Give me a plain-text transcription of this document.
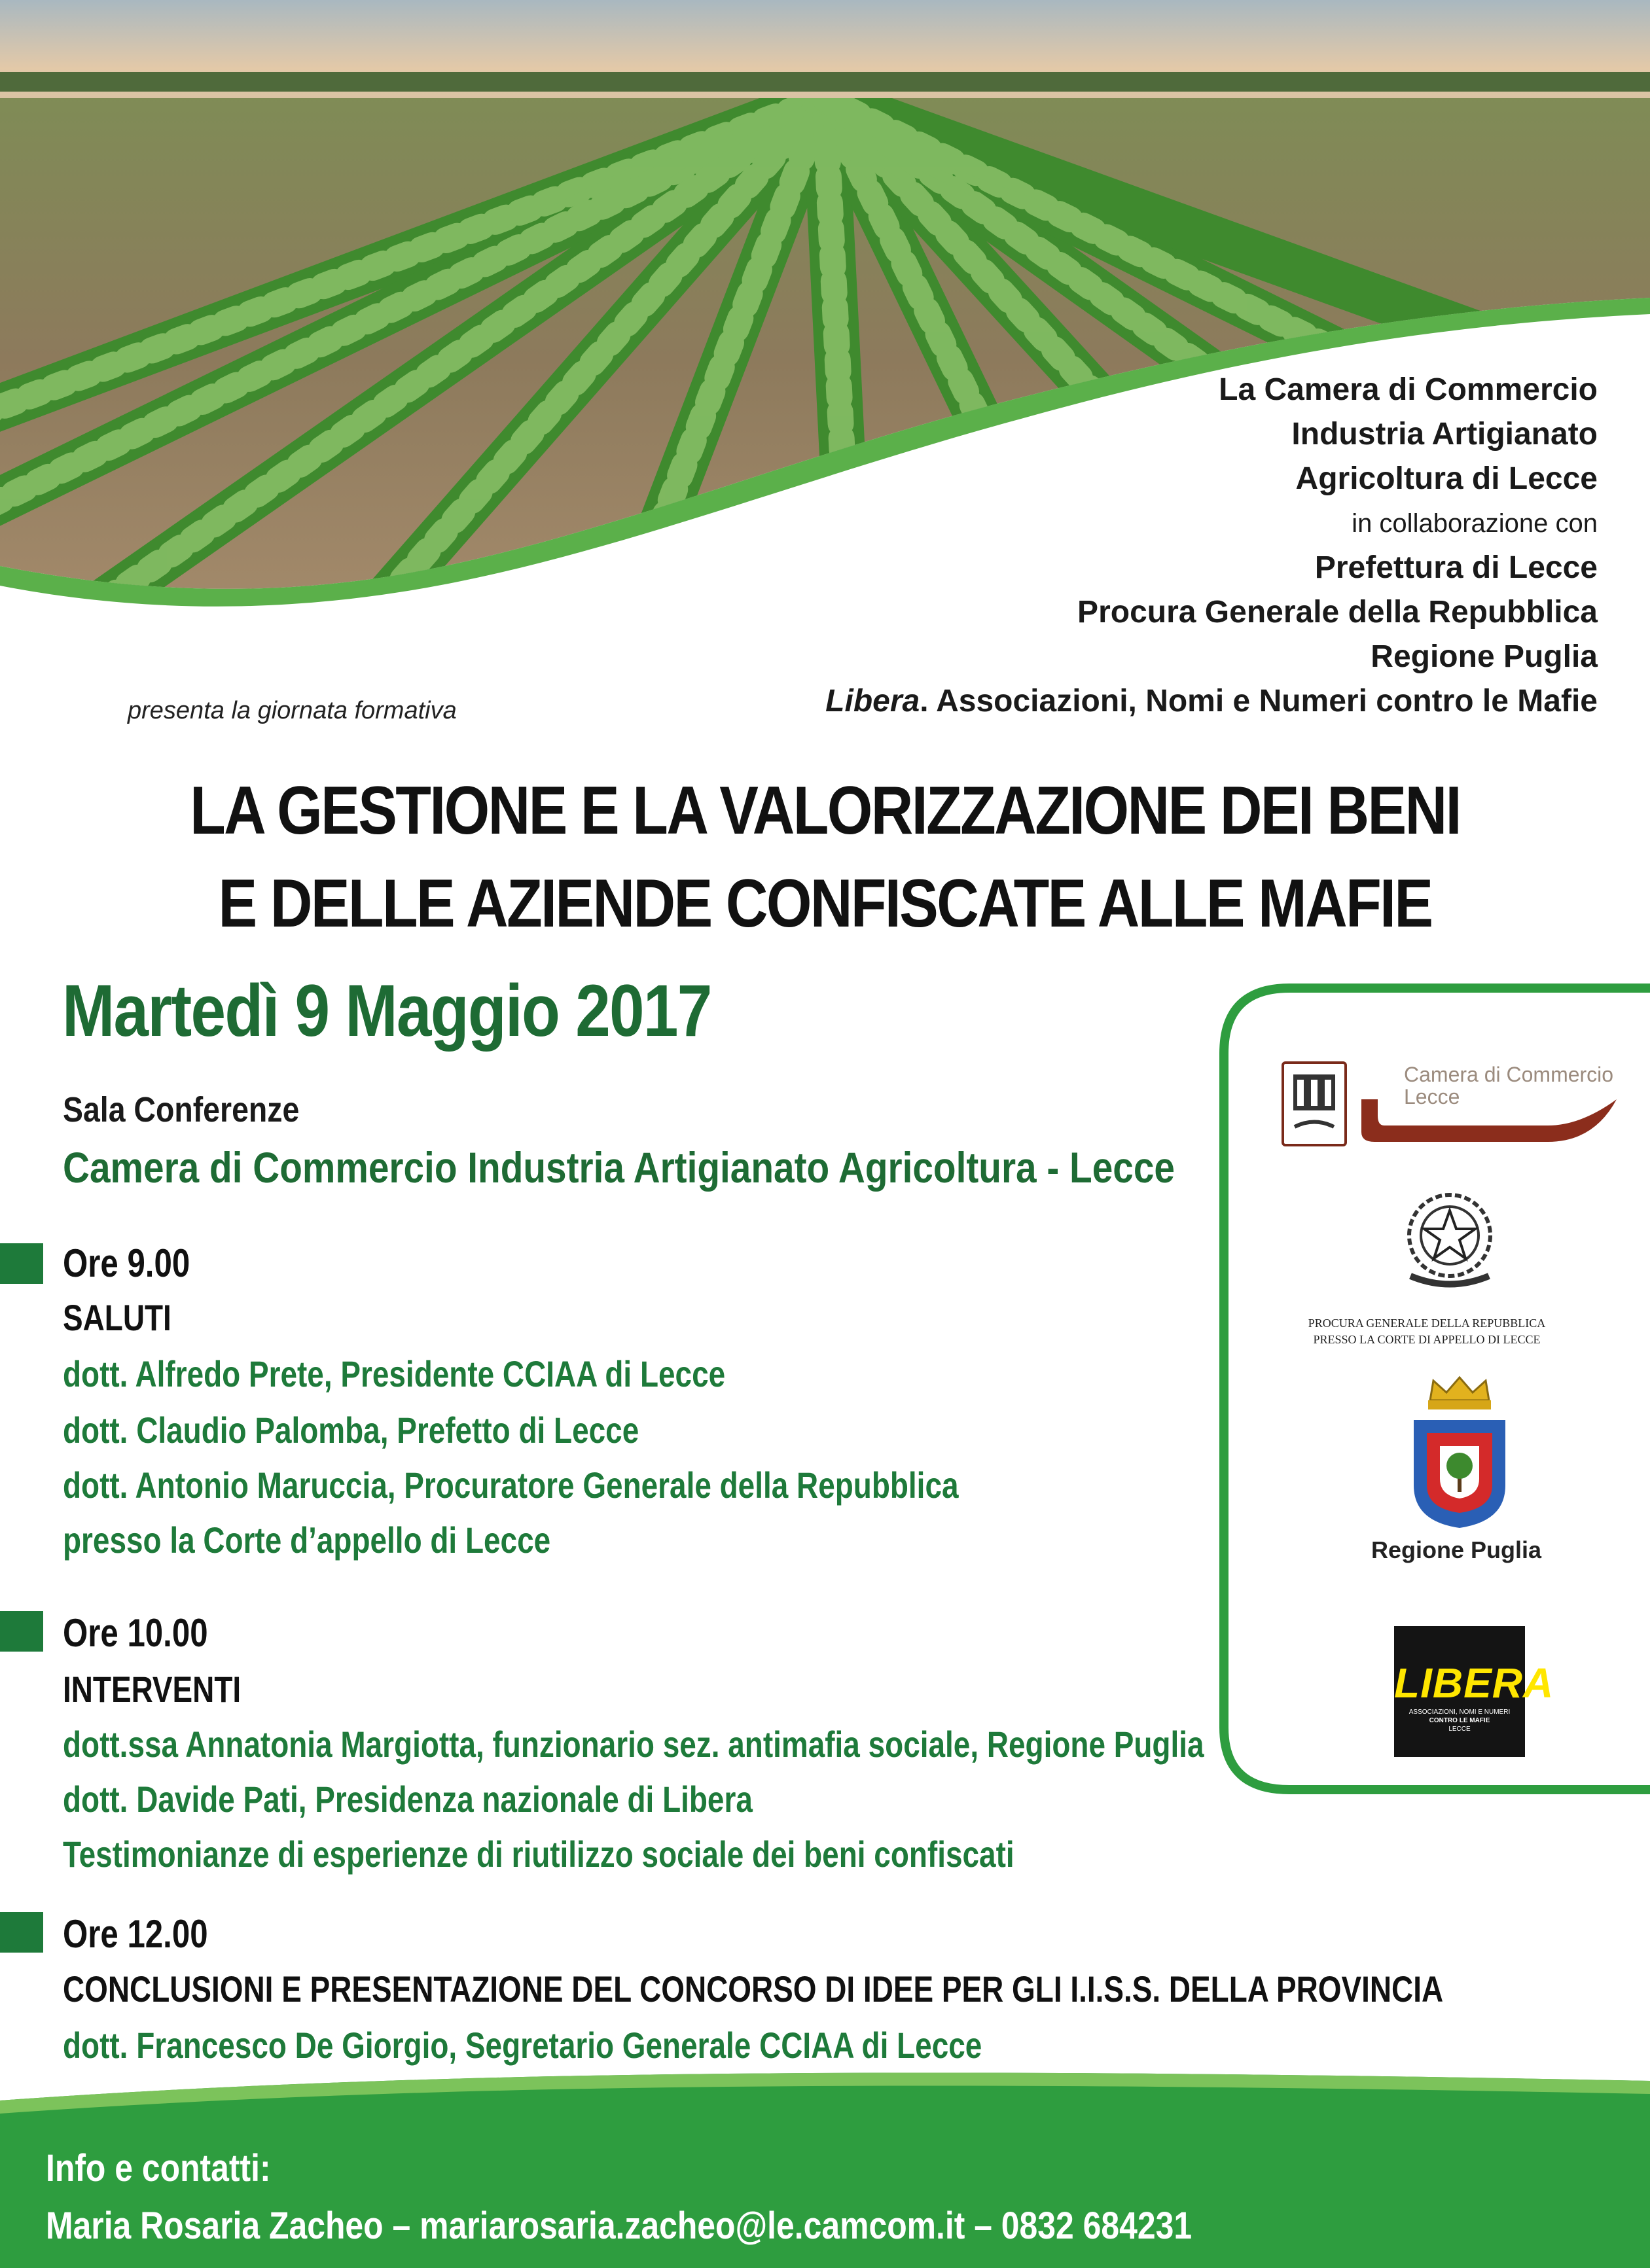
La Camera di Commercio
Industria Artigianato
Agricoltura di Lecce
in collaborazione con
Prefettura di Lecce
Procura Generale della Repubblica
Regione Puglia
Libera. Associazioni, Nomi e Numeri contro le Mafie
presenta la giornata formativa
LA GESTIONE E LA VALORIZZAZIONE DEI BENI
E DELLE AZIENDE CONFISCATE ALLE MAFIE
Martedì 9 Maggio 2017
Sala Conferenze
Camera di Commercio Industria Artigianato Agricoltura - Lecce
Ore 9.00
SALUTI
dott. Alfredo Prete, Presidente CCIAA di Lecce
dott. Claudio Palomba, Prefetto di Lecce
dott. Antonio Maruccia, Procuratore Generale della Repubblica
presso la Corte d’appello di Lecce
Ore 10.00
INTERVENTI
dott.ssa Annatonia Margiotta, funzionario sez. antimafia sociale, Regione Puglia
dott. Davide Pati, Presidenza nazionale di Libera
Testimonianze di esperienze di riutilizzo sociale dei beni confiscati
Ore 12.00
CONCLUSIONI E PRESENTAZIONE DEL CONCORSO DI IDEE PER GLI I.I.S.S. DELLA PROVINCIA
dott. Francesco De Giorgio, Segretario Generale CCIAA di Lecce
Camera di Commercio
Lecce
PROCURA GENERALE DELLA REPUBBLICA
PRESSO LA CORTE DI APPELLO DI LECCE
Regione Puglia
LIBERA
ASSOCIAZIONI, NOMI E NUMERI
CONTRO LE MAFIE
LECCE
Info e contatti:
Maria Rosaria Zacheo – mariarosaria.zacheo@le.camcom.it – 0832 684231
